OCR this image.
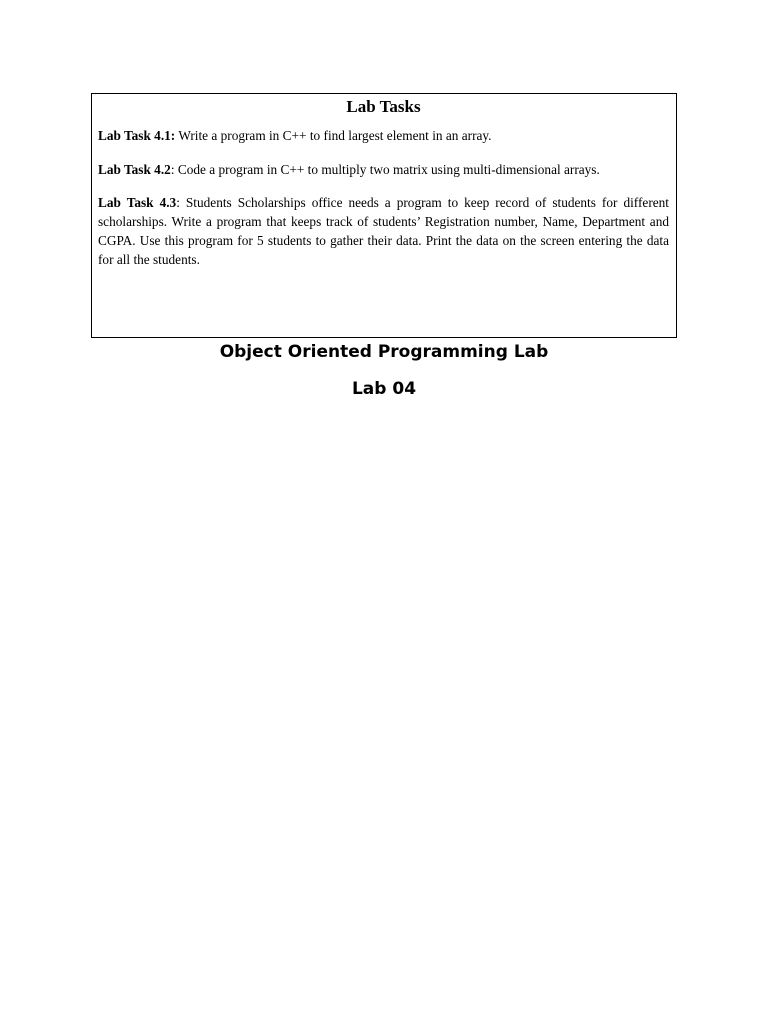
Lab Tasks

Lab Task 4.1: Write a program in C++ to find largest element in an array.

Lab Task 4.2: Code a program in C++ to multiply two matrix using multi-dimensional arrays.

Lab Task 4.3: Students Scholarships office needs a program to keep record of students for different scholarships. Write a program that keeps track of students’ Registration number, Name, Department and CGPA. Use this program for 5 students to gather their data. Print the data on the screen entering the data for all the students.

Object Oriented Programming Lab

Lab 04
